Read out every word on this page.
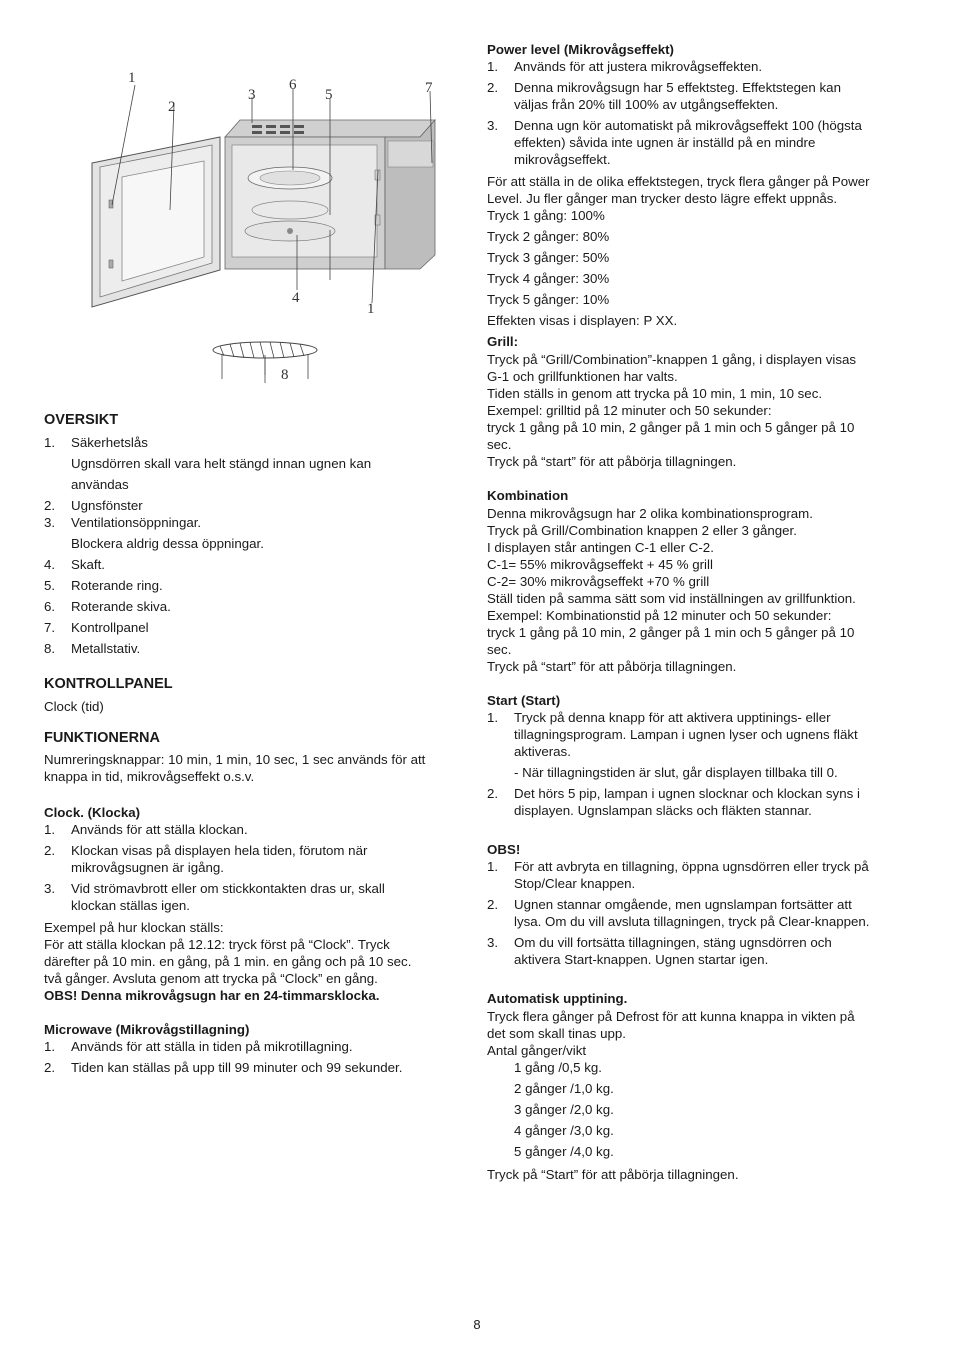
1
2
3
6
5	7
4
1
8

OVERSIKT

1. Säkerhetslås
Ugnsdörren skall vara helt stängd innan ugnen kan
användas
2. Ugnsfönster
3. Ventilationsöppningar.
Blockera aldrig dessa öppningar.
4. Skaft.
5. Roterande ring.
6. Roterande skiva.
7. Kontrollpanel
8. Metallstativ.

KONTROLLPANEL

Clock (tid)

FUNKTIONERNA

Numreringsknappar: 10 min, 1 min, 10 sec, 1 sec används för att
knappa in tid, mikrovågseffekt o.s.v.

Clock. (Klocka)

1. Används för att ställa klockan.
2. Klockan visas på displayen hela tiden, förutom när
mikrovågsugnen är igång.
3. Vid strömavbrott eller om stickkontakten dras ur, skall
klockan ställas igen.

Exempel på hur klockan ställs:
För att ställa klockan på 12.12: tryck först på “Clock”. Tryck
därefter på 10 min. en gång, på 1 min. en gång och på 10 sec.
två gånger. Avsluta genom att trycka på “Clock” en gång.
OBS! Denna mikrovågsugn har en 24-timmarsklocka.

Microwave (Mikrovågstillagning)

1. Används för att ställa in tiden på mikrotillagning.
2. Tiden kan ställas på upp till 99 minuter och 99 sekunder.

Power level (Mikrovågseffekt)

1. Används för att justera mikrovågseffekten.
2. Denna mikrovågsugn har 5 effektsteg. Effektstegen kan
väljas från 20% till 100% av utgångseffekten.
3. Denna ugn kör automatiskt på mikrovågseffekt 100 (högsta
effekten) såvida inte ugnen är inställd på en mindre
mikrovågseffekt.

För att ställa in de olika effektstegen, tryck flera gånger på Power
Level. Ju fler gånger man trycker desto lägre effekt uppnås.
Tryck 1 gång: 100%
Tryck 2 gånger: 80%
Tryck 3 gånger: 50%
Tryck 4 gånger: 30%
Tryck 5 gånger: 10%
Effekten visas i displayen: P XX.

Grill:

Tryck på “Grill/Combination”-knappen 1 gång, i displayen visas
G-1 och grillfunktionen har valts.
Tiden ställs in genom att trycka på 10 min, 1 min, 10 sec.
Exempel: grilltid på 12 minuter och 50 sekunder:
tryck 1 gång på 10 min, 2 gånger på 1 min och 5 gånger på 10
sec.
Tryck på “start” för att påbörja tillagningen.

Kombination

Denna mikrovågsugn har 2 olika kombinationsprogram.
Tryck på Grill/Combination knappen 2 eller 3 gånger.
I displayen står antingen C-1 eller C-2.
C-1= 55% mikrovågseffekt + 45 % grill
C-2= 30% mikrovågseffekt +70 % grill
Ställ tiden på samma sätt som vid inställningen av grillfunktion.
Exempel: Kombinationstid på 12 minuter och 50 sekunder:
tryck 1 gång på 10 min, 2 gånger på 1 min och 5 gånger på 10
sec.
Tryck på “start” för att påbörja tillagningen.

Start (Start)

1. Tryck på denna knapp för att aktivera upptinings- eller
tillagningsprogram. Lampan i ugnen lyser och ugnens fläkt
aktiveras.
- När tillagningstiden är slut, går displayen tillbaka till 0.
2. Det hörs 5 pip, lampan i ugnen slocknar och klockan syns i
displayen. Ugnslampan släcks och fläkten stannar.

OBS!

1. För att avbryta en tillagning, öppna ugnsdörren eller tryck på
Stop/Clear knappen.
2. Ugnen stannar omgående, men ugnslampan fortsätter att
lysa. Om du vill avsluta tillagningen, tryck på Clear-knappen.
3. Om du vill fortsätta tillagningen, stäng ugnsdörren och
aktivera Start-knappen. Ugnen startar igen.

Automatisk upptining.

Tryck flera gånger på Defrost för att kunna knappa in vikten på
det som skall tinas upp.
Antal gånger/vikt
1 gång /0,5 kg.
2 gånger /1,0 kg.
3 gånger /2,0 kg.
4 gånger /3,0 kg.
5 gånger /4,0 kg.
Tryck på “Start” för att påbörja tillagningen.

8
